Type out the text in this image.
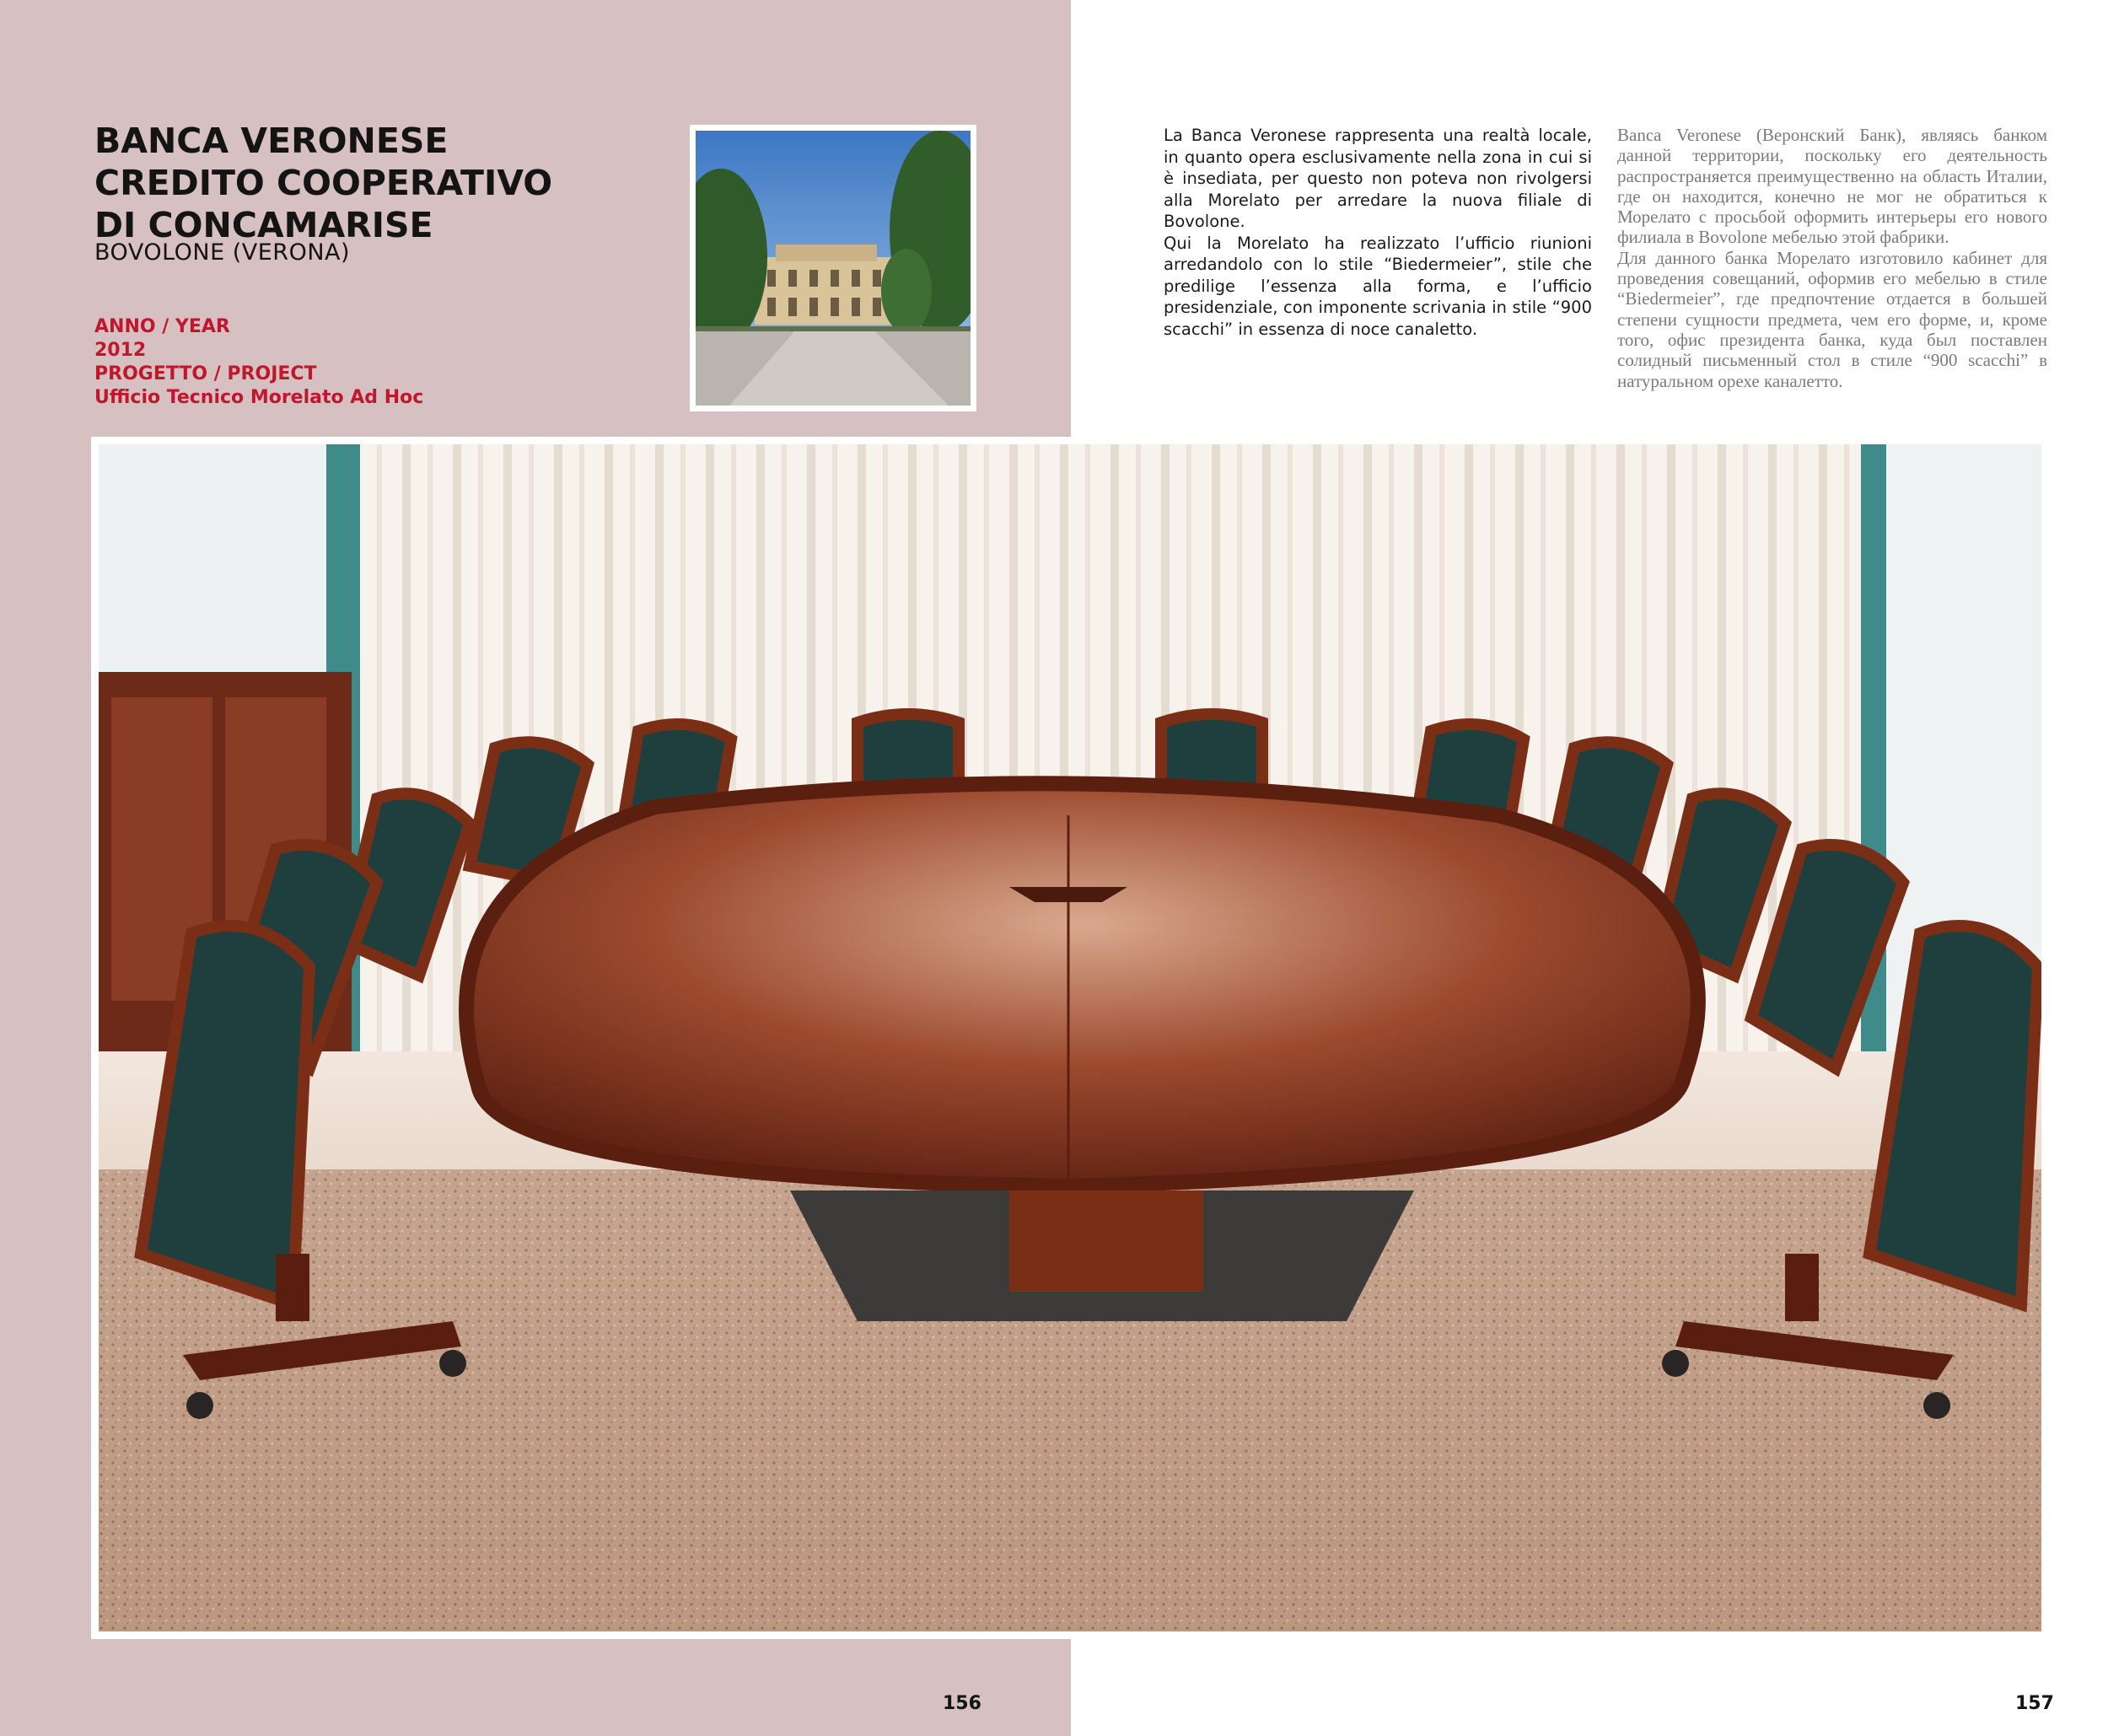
BANCA VERONESE
CREDITO COOPERATIVO
DI CONCAMARISE
BOVOLONE (VERONA)
ANNO / YEAR
2012
PROGETTO / PROJECT
Ufficio Tecnico Morelato Ad Hoc

La Banca Veronese rappresenta una realtà locale, in quanto opera esclusivamente nella zona in cui si è insediata, per questo non poteva non rivolgersi alla Morelato per arredare la nuova filiale di Bovolone.

Qui la Morelato ha realizzato l’ufficio riunioni arredandolo con lo stile “Biedermeier”, stile che predilige l’essenza alla forma, e l’ufficio presidenziale, con imponente scrivania in stile “900 scacchi” in essenza di noce canaletto.

Banca Veronese (Веронский Банк), являясь банком данной территории, поскольку его деятельность распространяется преимущественно на область Италии, где он находится, конечно не мог не обратиться к Морелато с просьбой оформить интерьеры его нового филиала в Bovolone мебелью этой фабрики.

Для данного банка Морелато изготовило кабинет для проведения совещаний, оформив его мебелью в стиле “Biedermeier”, где предпочтение отдается в большей степени сущности предмета, чем его форме, и, кроме того, офис президента банка, куда был поставлен солидный письменный стол в стиле “900 scacchi” в натуральном орехе каналетто.

156	157
